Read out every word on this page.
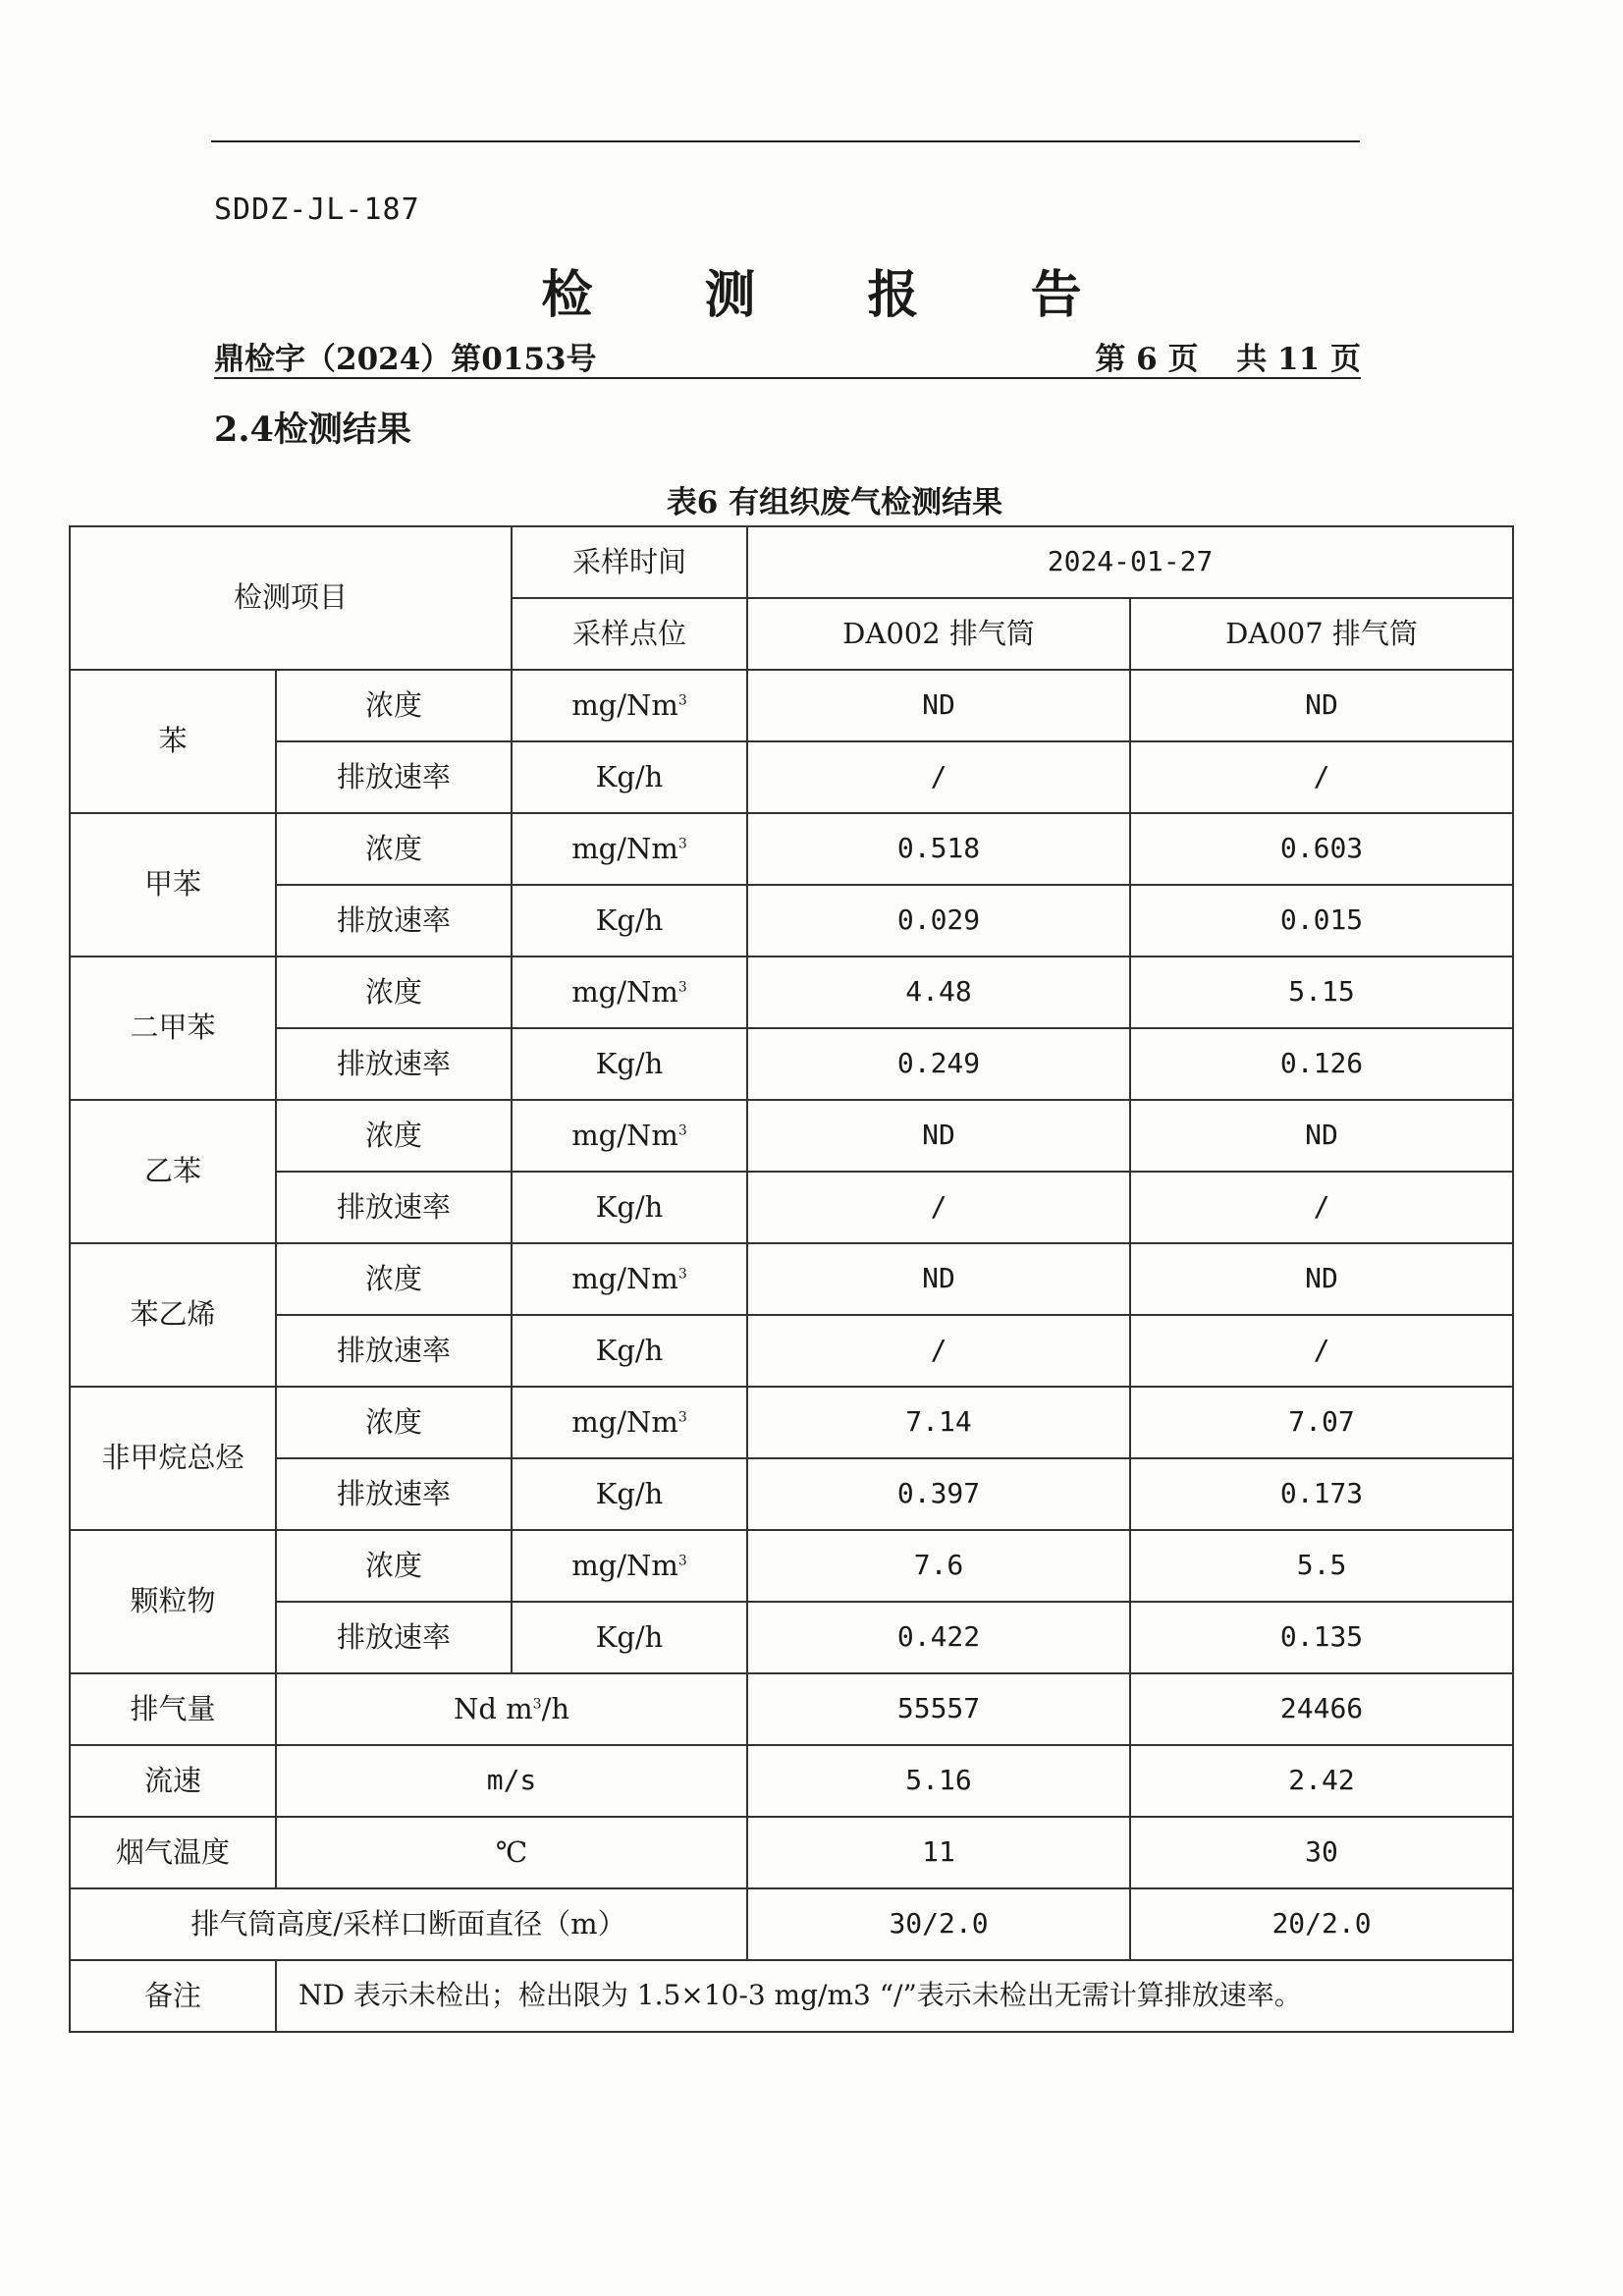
SDDZ-JL-187
检 测 报 告
鼎检字（2024）第0153号	第 6 页 共 11 页
2.4检测结果
表6 有组织废气检测结果
检测项目		采样时间	2024-01-27	
		采样点位	DA002 排气筒	DA007 排气筒
苯	浓度	mg/Nm$^3$	ND	ND
	排放速率	Kg/h	/	/
甲苯	浓度	mg/Nm$^3$	0.518	0.603
	排放速率	Kg/h	0.029	0.015
二甲苯	浓度	mg/Nm$^3$	4.48	5.15
	排放速率	Kg/h	0.249	0.126
乙苯	浓度	mg/Nm$^3$	ND	ND
	排放速率	Kg/h	/	/
苯乙烯	浓度	mg/Nm$^3$	ND	ND
	排放速率	Kg/h	/	/
非甲烷总烃	浓度	mg/Nm$^3$	7.14	7.07
	排放速率	Kg/h	0.397	0.173
颗粒物	浓度	mg/Nm$^3$	7.6	5.5
	排放速率	Kg/h	0.422	0.135
排气量	Nd $m^3/h$		55557	24466
流速	m/s		5.16	2.42
烟气温度	℃		11	30
排气筒高度/采样口断面直径（m）			30/2.0	20/2.0
备注	ND 表示未检出；检出限为 1.5×10-3 mg/m3 “/”表示未检出无需计算排放速率。			
